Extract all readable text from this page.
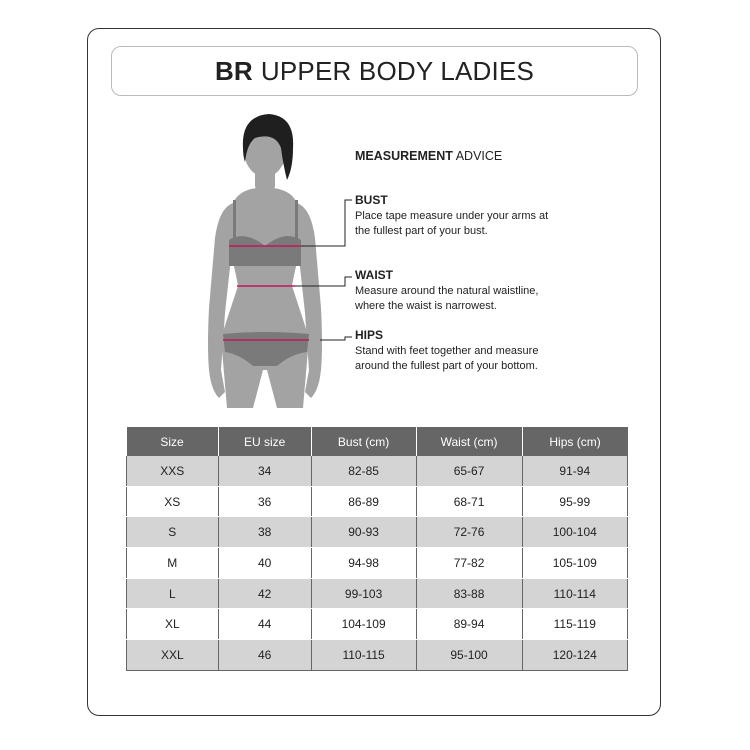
BR UPPER BODY LADIES
MEASUREMENT ADVICE
BUST
Place tape measure under your arms at
the fullest part of your bust.
WAIST
Measure around the natural waistline,
where the waist is narrowest.
HIPS
Stand with feet together and measure
around the fullest part of your bottom.
Size	EU size	Bust (cm)	Waist (cm)	Hips (cm)
XXS	34	82-85	65-67	91-94
XS	36	86-89	68-71	95-99
S	38	90-93	72-76	100-104
M	40	94-98	77-82	105-109
L	42	99-103	83-88	110-114
XL	44	104-109	89-94	115-119
XXL	46	110-115	95-100	120-124
